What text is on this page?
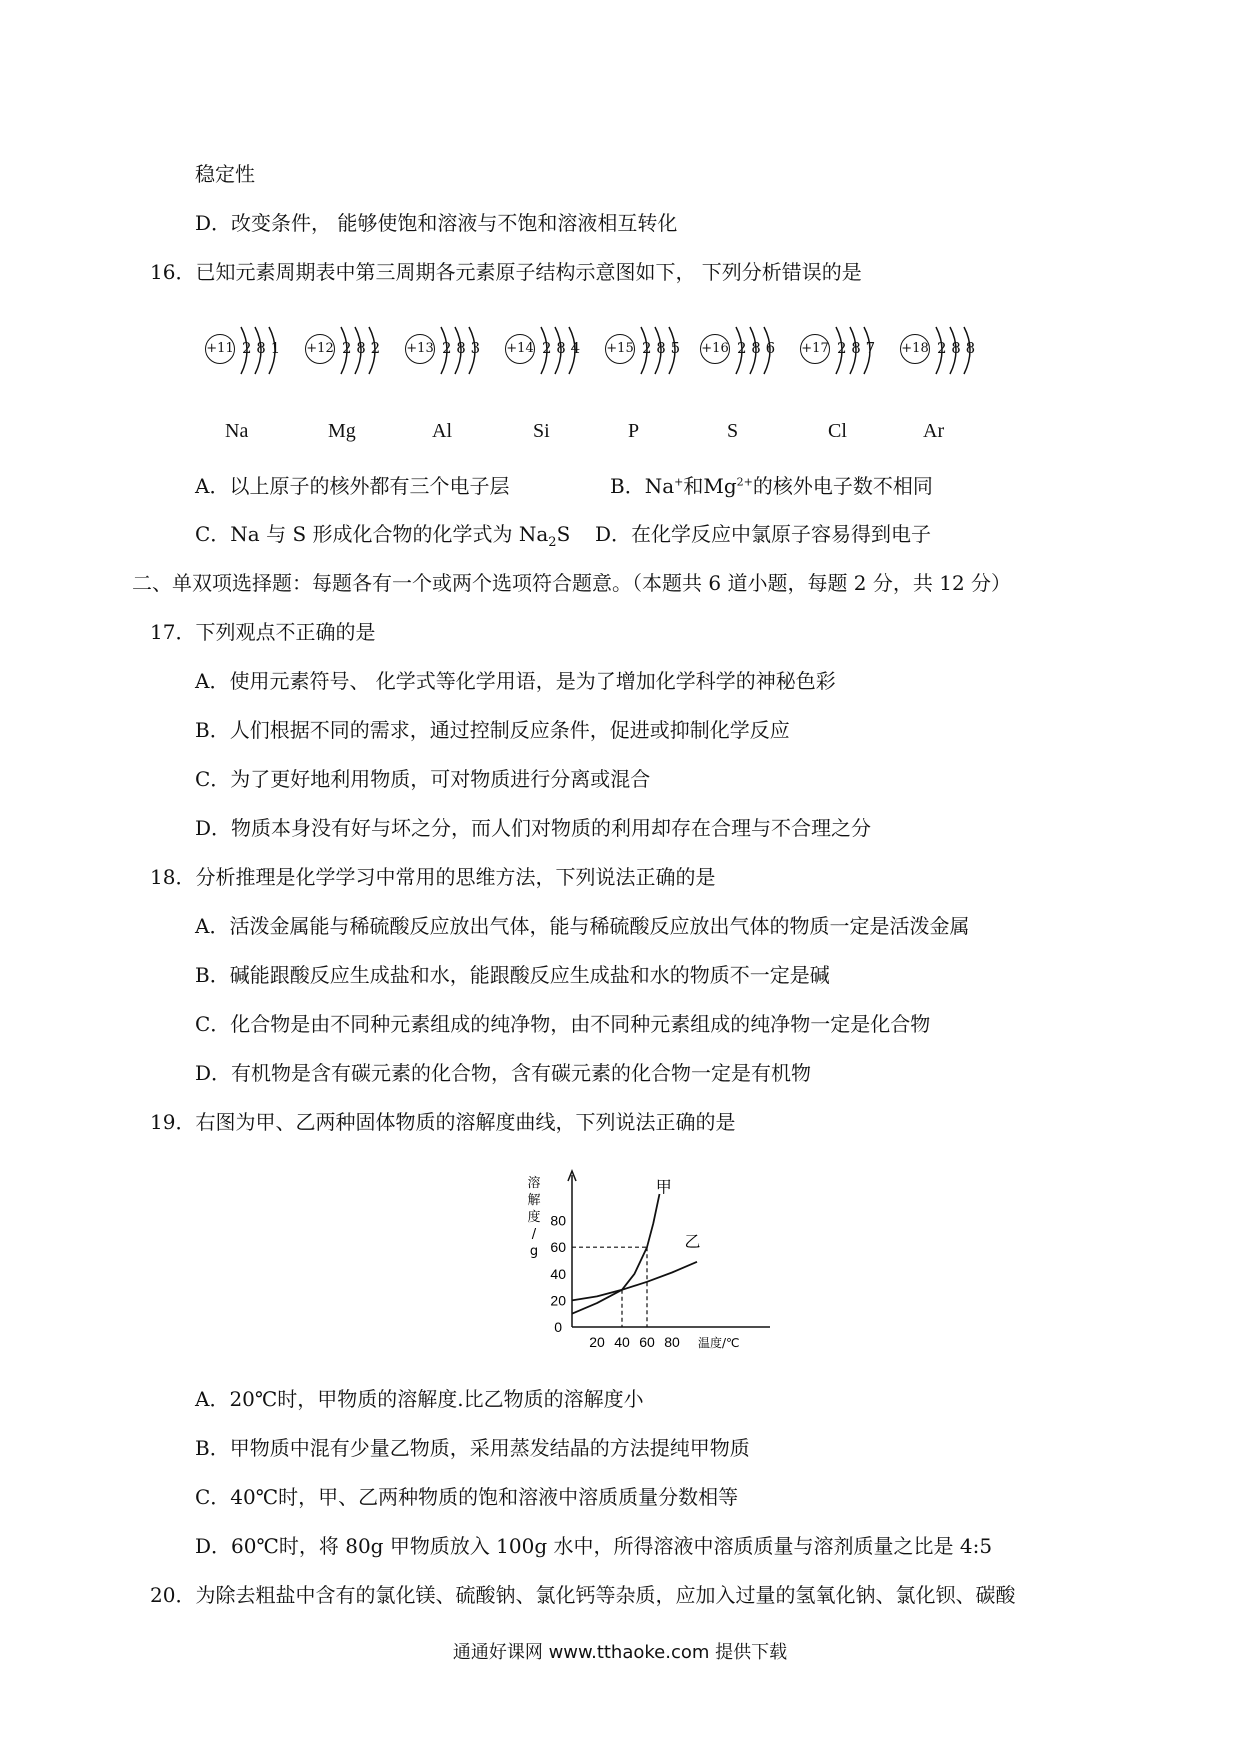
稳定性
D．改变条件， 能够使饱和溶液与不饱和溶液相互转化
16．已知元素周期表中第三周期各元素原子结构示意图如下， 下列分析错误的是
+11 2 8 1
Na
+12 2 8 2
Mg
+13 2 8 3
Al
+14 2 8 4
Si
+15 2 8 5
P
+16 2 8 6
S
+17 2 8 7
Cl
+18 2 8 8
Ar
A．以上原子的核外都有三个电子层	B．Na+和$Mg^{2+}$的核外电子数不相同
C．Na 与 S 形成化合物的化学式为 $Na_2S$ D．在化学反应中氯原子容易得到电子
二、单双项选择题：每题各有一个或两个选项符合题意。（本题共 6 道小题，每题 2 分，共 12 分）
17．下列观点不正确的是
A．使用元素符号、 化学式等化学用语，是为了增加化学科学的神秘色彩
B．人们根据不同的需求，通过控制反应条件，促进或抑制化学反应
C．为了更好地利用物质，可对物质进行分离或混合
D．物质本身没有好与坏之分，而人们对物质的利用却存在合理与不合理之分
18．分析推理是化学学习中常用的思维方法，下列说法正确的是
A．活泼金属能与稀硫酸反应放出气体，能与稀硫酸反应放出气体的物质一定是活泼金属
B．碱能跟酸反应生成盐和水，能跟酸反应生成盐和水的物质不一定是碱
C．化合物是由不同种元素组成的纯净物，由不同种元素组成的纯净物一定是化合物
D．有机物是含有碳元素的化合物，含有碳元素的化合物一定是有机物
19．右图为甲、乙两种固体物质的溶解度曲线，下列说法正确的是
溶
解
度
/
g
20
40
60
80
0
20 40 60 80 温度/℃
甲
乙
A．20℃时，甲物质的溶解度.比乙物质的溶解度小
B．甲物质中混有少量乙物质，采用蒸发结晶的方法提纯甲物质
C．40℃时，甲、乙两种物质的饱和溶液中溶质质量分数相等
D．60℃时，将 80g 甲物质放入 100g 水中，所得溶液中溶质质量与溶剂质量之比是 4:5
20．为除去粗盐中含有的氯化镁、硫酸钠、氯化钙等杂质，应加入过量的氢氧化钠、氯化钡、碳酸
通通好课网 www.tthaoke.com 提供下载
